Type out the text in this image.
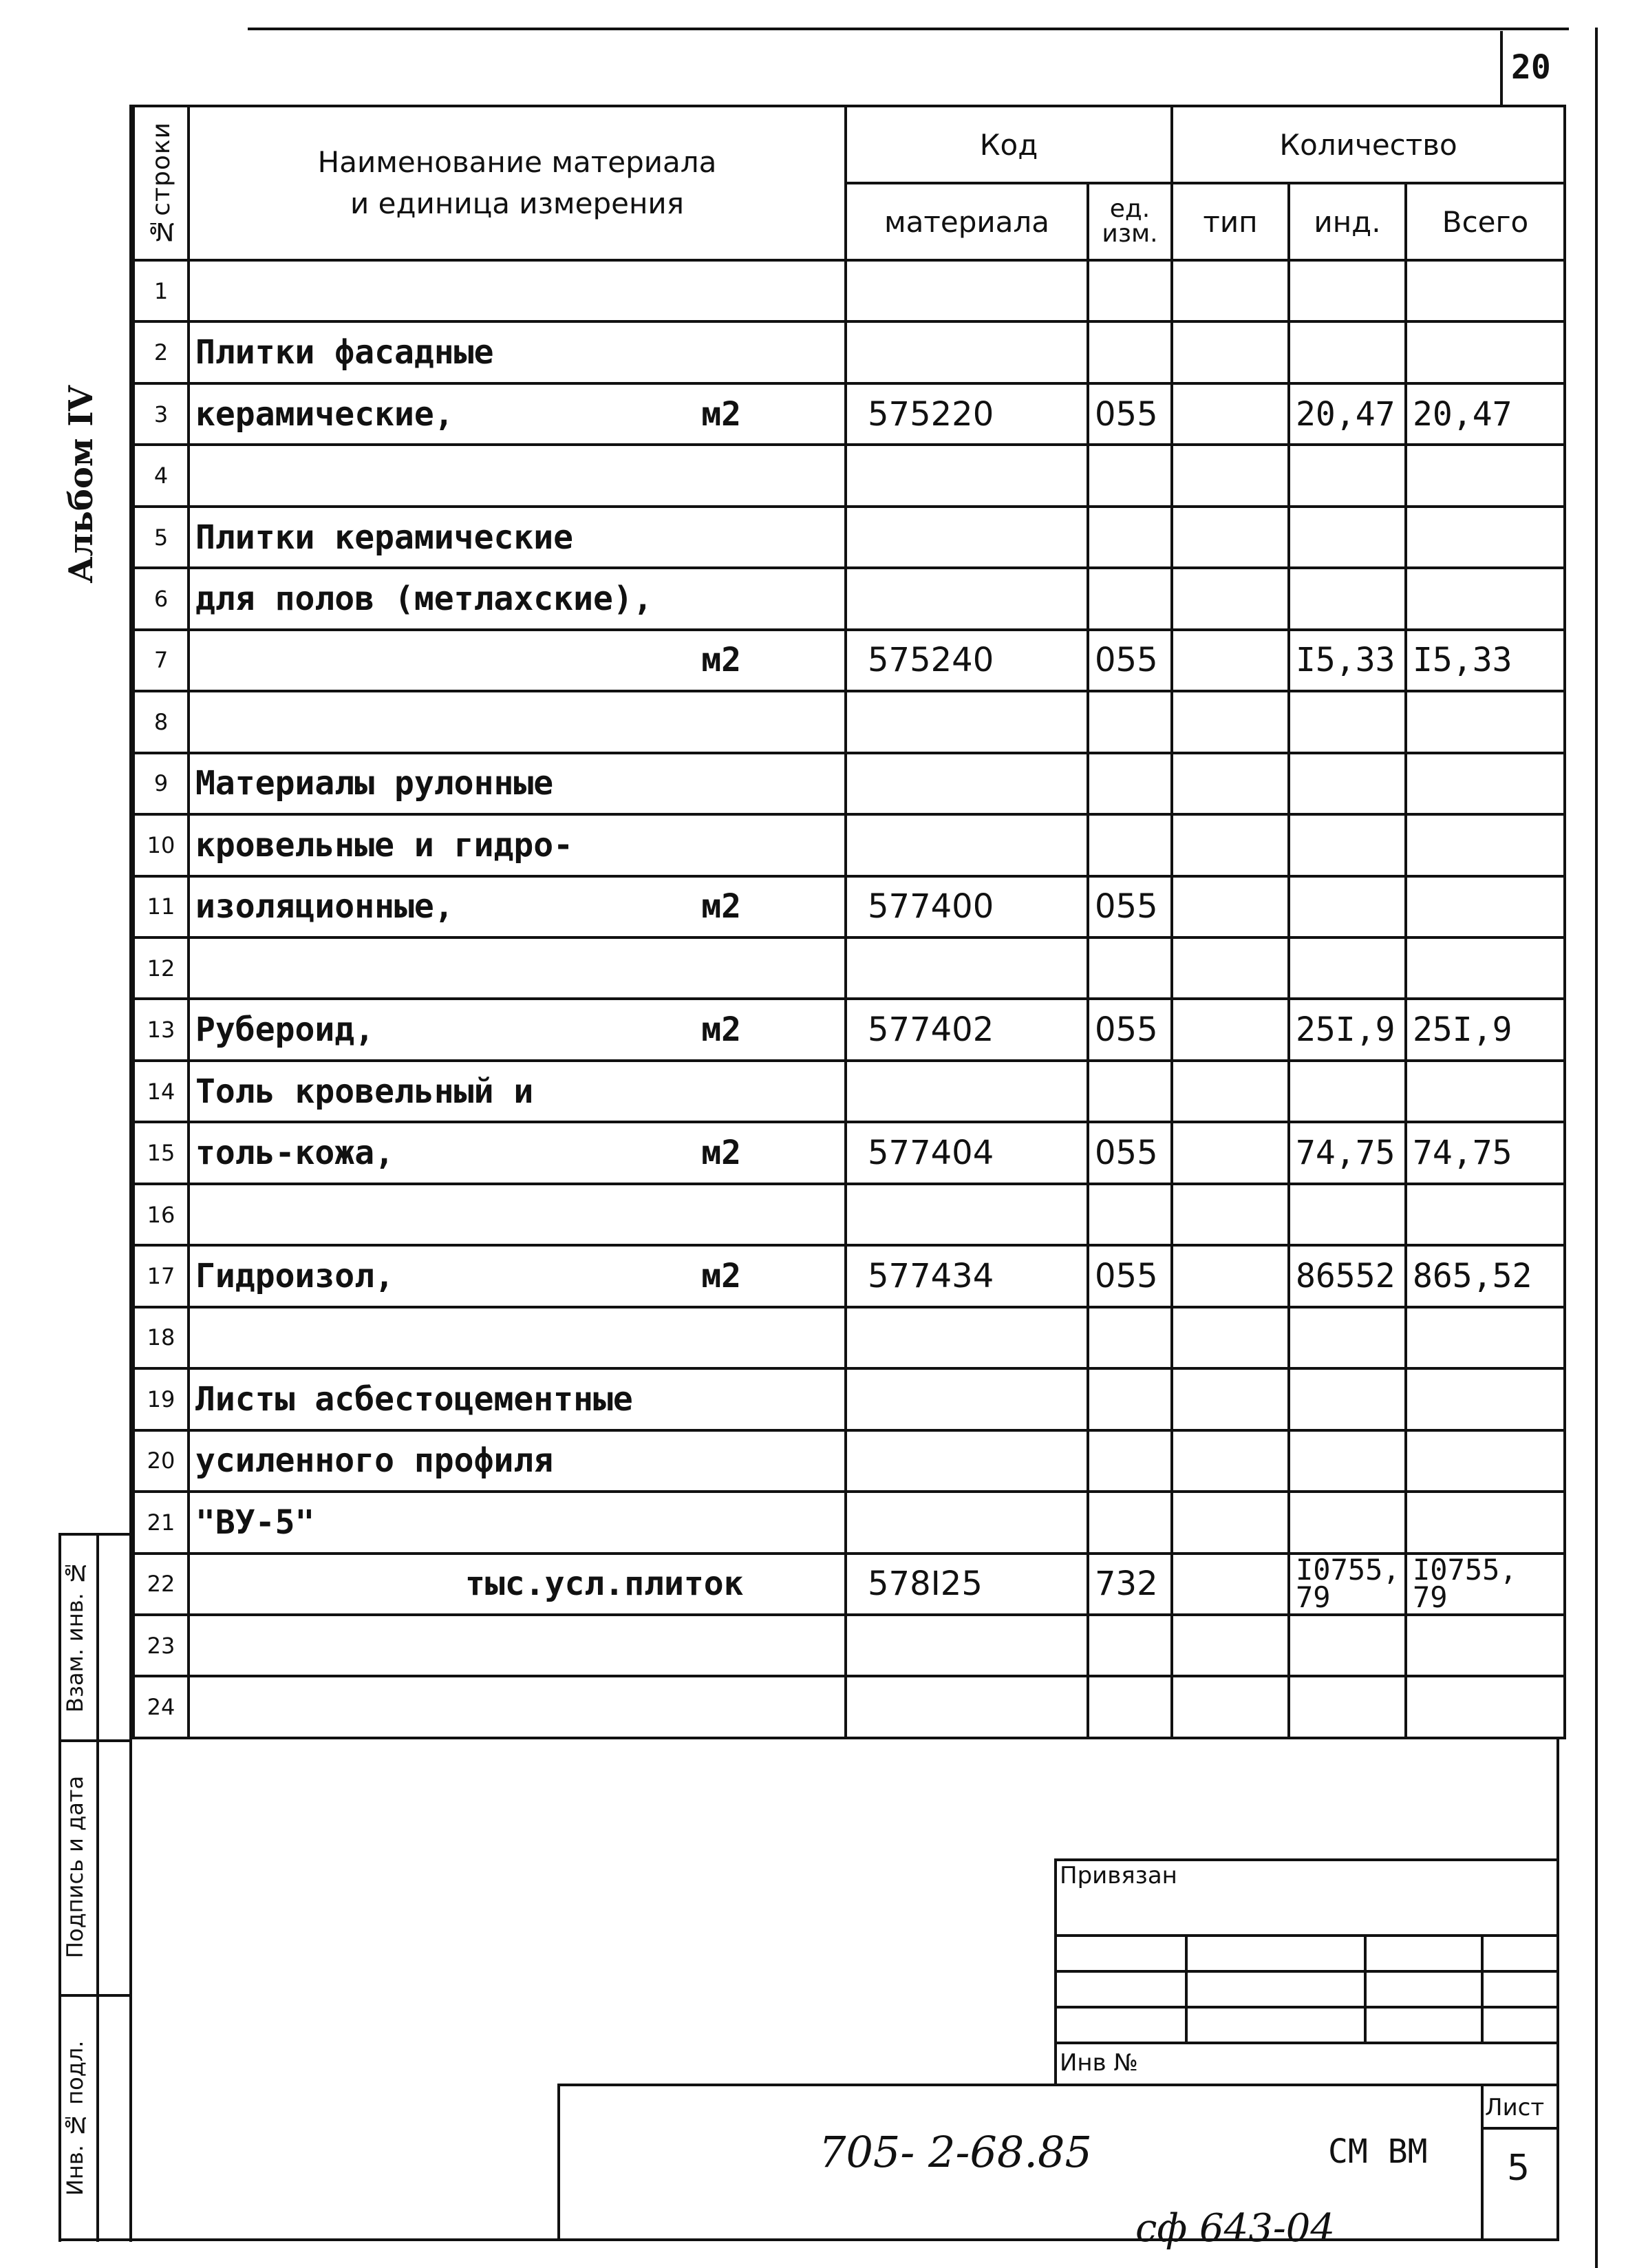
20
Альбом IV
№строки	Наименование материала
и единица измерения	Код		Количество		
		материала	ед. изм.	тип	инд.	Всего
1	

2	Плитки фасадные

3	керамические, м2	575220	055		20,47	20,47
4	

5	Плитки керамические

6	для полов (метлахские),

7	м2	575240	055		I5,33	I5,33
8	

9	Материалы рулонные

10	кровельные и гидро-

11	изоляционные, м2	577400	055			
12	

13	Рубероид, м2	577402	055		25I,9	25I,9
14	Толь кровельный и

15	толь-кожа, м2	577404	055		74,75	74,75
16	

17	Гидроизол, м2	577434	055		86552	865,52
18	

19	Листы асбестоцементные

20	усиленного профиля

21	"ВУ-5"

22	тыс.усл.плиток	578I25	732		I0755, 79	I0755, 79
23	

24	

Взам. инв. №
Подпись и дата
Инв. № подл.
Привязан
Инв №
Лист
5
705- 2-68.85	СМ ВМ
сф 643-04
